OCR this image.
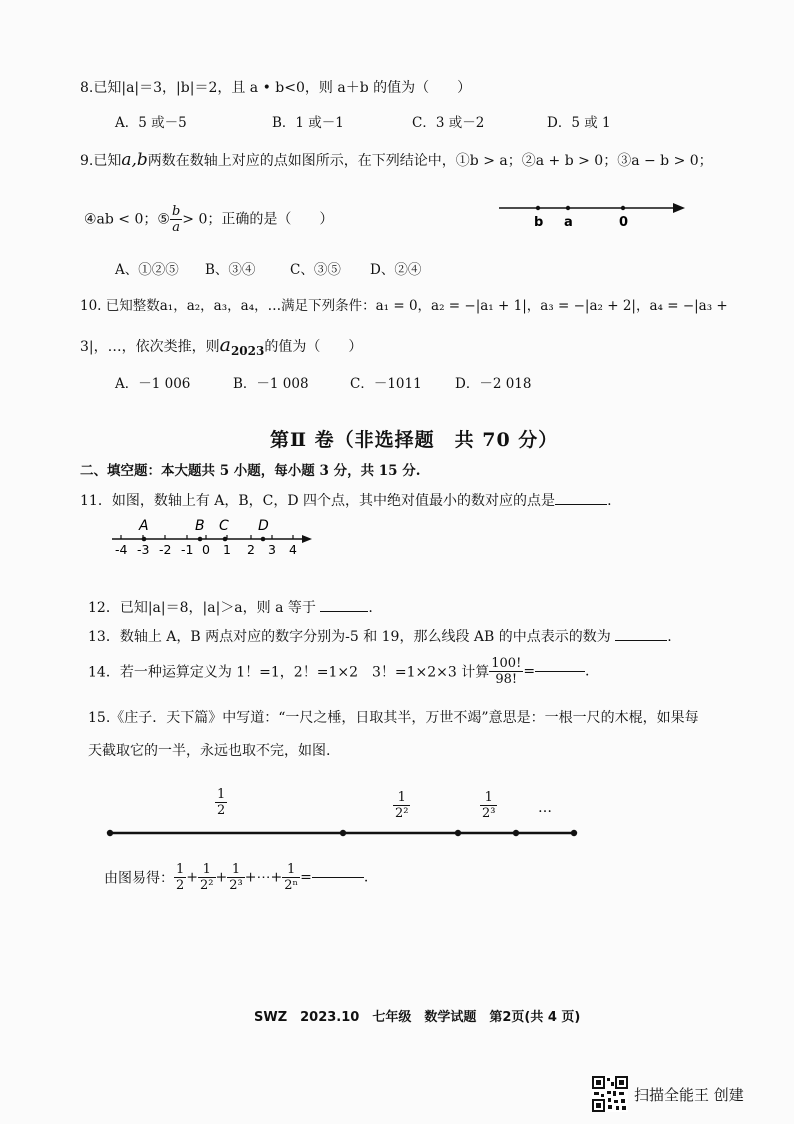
8.已知|a|＝3，|b|＝2，且 a • b<0，则 a＋b 的值为（　　）
A．5 或－5	B．1 或－1	C．3 或－2	D．5 或 1
9.已知a,b两数在数轴上对应的点如图所示，在下列结论中，①b > a；②a + b > 0；③a − b > 0；
④ab < 0；⑤ $\frac{b}{a} > 0$；正确的是（　　）	b a	0
A、①②⑤ B、③④	C、③⑤ D、②④
10. 已知整数a₁，a₂，a₃，a₄，…满足下列条件：a₁ = 0，a₂ = −|a₁ + 1|，a₃ = −|a₂ + 2|，a₄ = −|a₃ +
3|，…，依次类推，则$a_{2023}$的值为（　　）
A．－1 006	B．－1 008	C．－1011 D．－2 018
第Ⅱ 卷（非选择题　共 70 分）
二、填空题：本大题共 5 小题，每小题 3 分，共 15 分.
11．如图，数轴上有 A，B，C，D 四个点，其中绝对值最小的数对应的点是	.
A	B C D
-4 -3 -2 -1 0 1 2 3 4
12．已知|a|＝8，|a|＞a，则 a 等于	.
13．数轴上 A，B 两点对应的数字分别为-5 和 19，那么线段 AB 的中点表示的数为	.
14．若一种运算定义为 1！=1，2！=1×2　3！=1×2×3 计算 $\frac{100!}{98!}$ =	.
15.《庄子．天下篇》中写道：“一尺之棰，日取其半，万世不竭”意思是：一根一尺的木棍，如果每
天截取它的一半，永远也取不完，如图.
$\frac{1}{2}$	$\frac{1}{\text{2²}}$	$\frac{1}{\text{2³}}$	…
由图易得： $\frac{1}{2} + \frac{1}{\text{2²}} + \frac{1}{\text{2³}}$ +⋯+ $\frac{1}{\text{2ⁿ}}$ =	.
SWZ　2023.10　七年级　数学试题　第2页(共 4 页)
扫描全能王 创建
